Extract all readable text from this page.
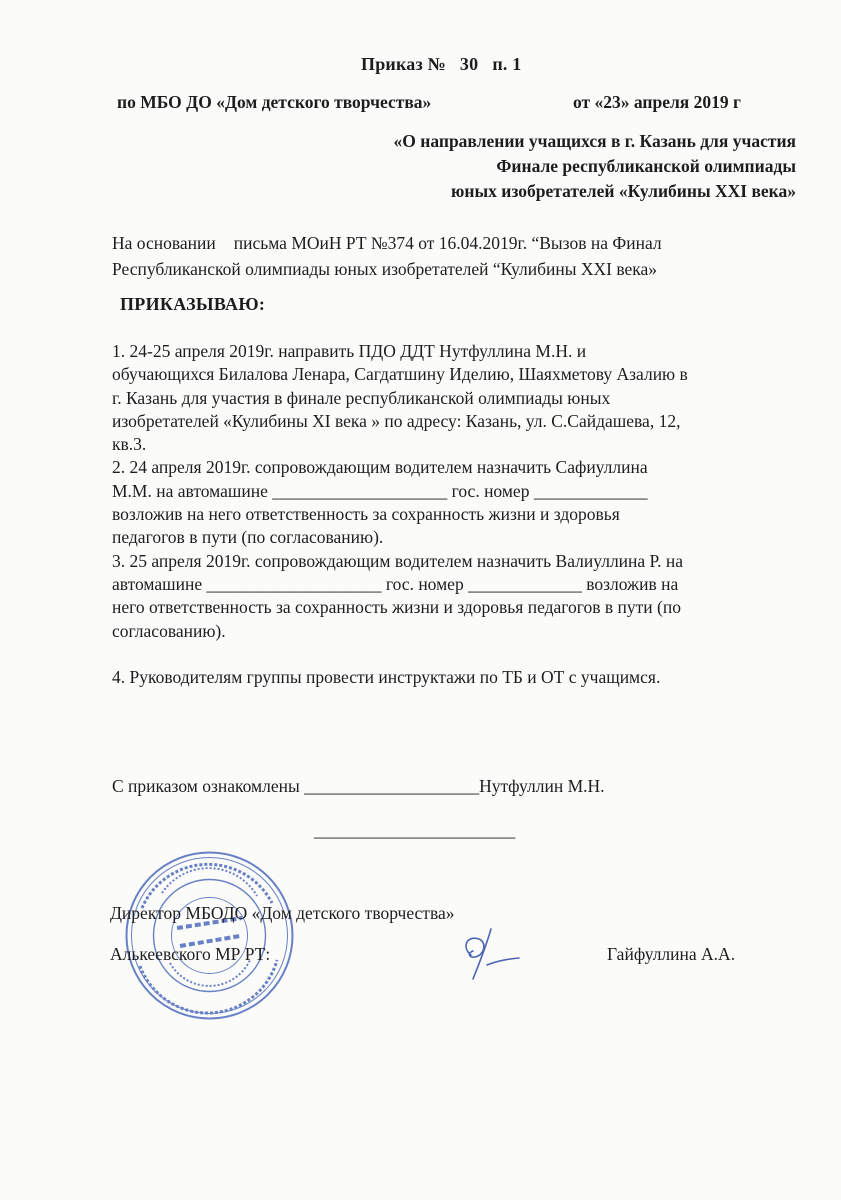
Приказ № 30 п. 1
по МБО ДО «Дом детского творчества»	от «23» апреля 2019 г
«О направлении учащихся в г. Казань для участия
Финале республиканской олимпиады
юных изобретателей «Кулибины XXI века»
На основании письма МОиН РТ №374 от 16.04.2019г. “Вызов на Финал
Республиканской олимпиады юных изобретателей “Кулибины XXI века»
ПРИКАЗЫВАЮ:
1. 24-25 апреля 2019г. направить ПДО ДДТ Нутфуллина М.Н. и
обучающихся Билалова Ленара, Сагдатшину Иделию, Шаяхметову Азалию в
г. Казань для участия в финале республиканской олимпиады юных
изобретателей «Кулибины XI века » по адресу: Казань, ул. С.Сайдашева, 12,
кв.3.
2. 24 апреля 2019г. сопровождающим водителем назначить Сафиуллина
М.М. на автомашине ____________________ гос. номер _____________
возложив на него ответственность за сохранность жизни и здоровья
педагогов в пути (по согласованию).
3. 25 апреля 2019г. сопровождающим водителем назначить Валиуллина Р. на
автомашине ____________________ гос. номер _____________ возложив на
него ответственность за сохранность жизни и здоровья педагогов в пути (по
согласованию).
4. Руководителям группы провести инструктажи по ТБ и ОТ с учащимся.
С приказом ознакомлены ____________________Нутфуллин М.Н.
_______________________
Директор МБОДО «Дом детского творчества»
Алькеевского МР РТ:	Гайфуллина А.А.
